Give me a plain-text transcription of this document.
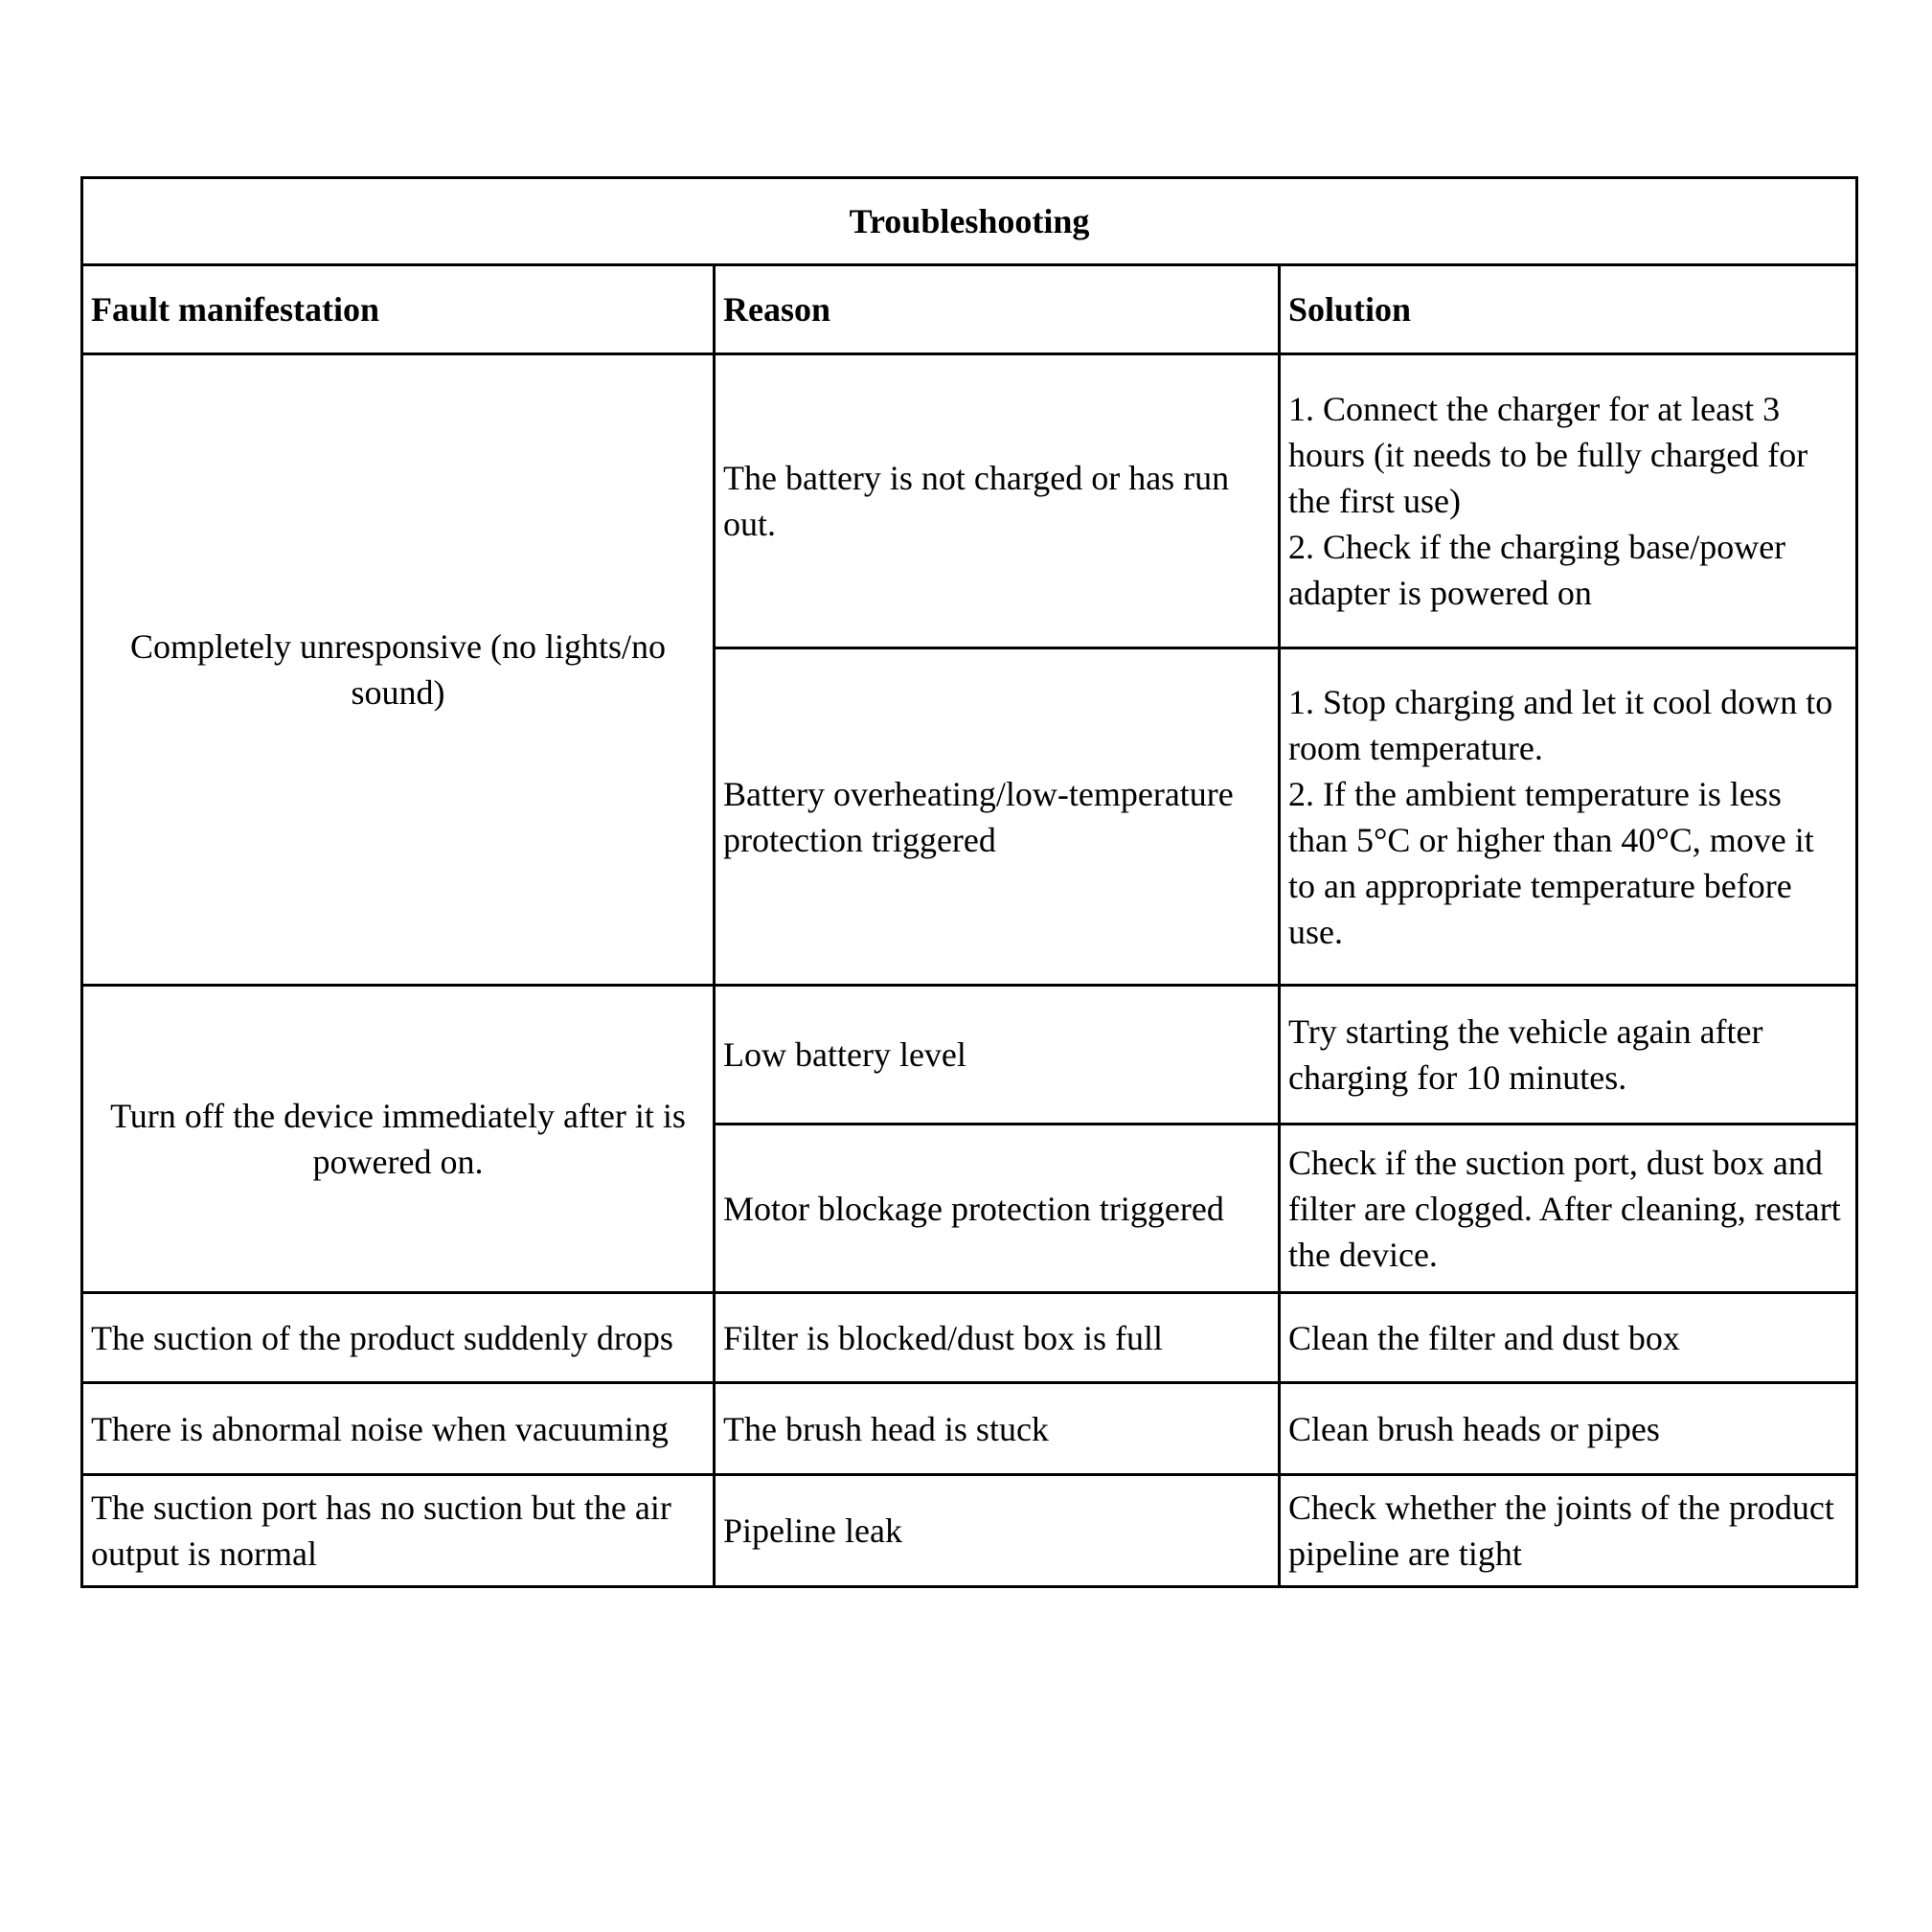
Troubleshooting		
Fault manifestation	Reason	Solution
Completely unresponsive (no lights/no sound)	The battery is not charged or has run out.	1. Connect the charger for at least 3 hours (it needs to be fully charged for the first use)
2. Check if the charging base/power adapter is powered on

	Battery overheating/low-temperature protection triggered	1. Stop charging and let it cool down to room temperature.
2. If the ambient temperature is less than 5°C or higher than 40°C, move it to an appropriate temperature before use.

Turn off the device immediately after it is powered on.	Low battery level	Try starting the vehicle again after charging for 10 minutes.

	Motor blockage protection triggered	Check if the suction port, dust box and filter are clogged. After cleaning, restart the device.

The suction of the product suddenly drops	Filter is blocked/dust box is full	Clean the filter and dust box

There is abnormal noise when vacuuming	The brush head is stuck	Clean brush heads or pipes

The suction port has no suction but the air output is normal	Pipeline leak	Check whether the joints of the product pipeline are tight
